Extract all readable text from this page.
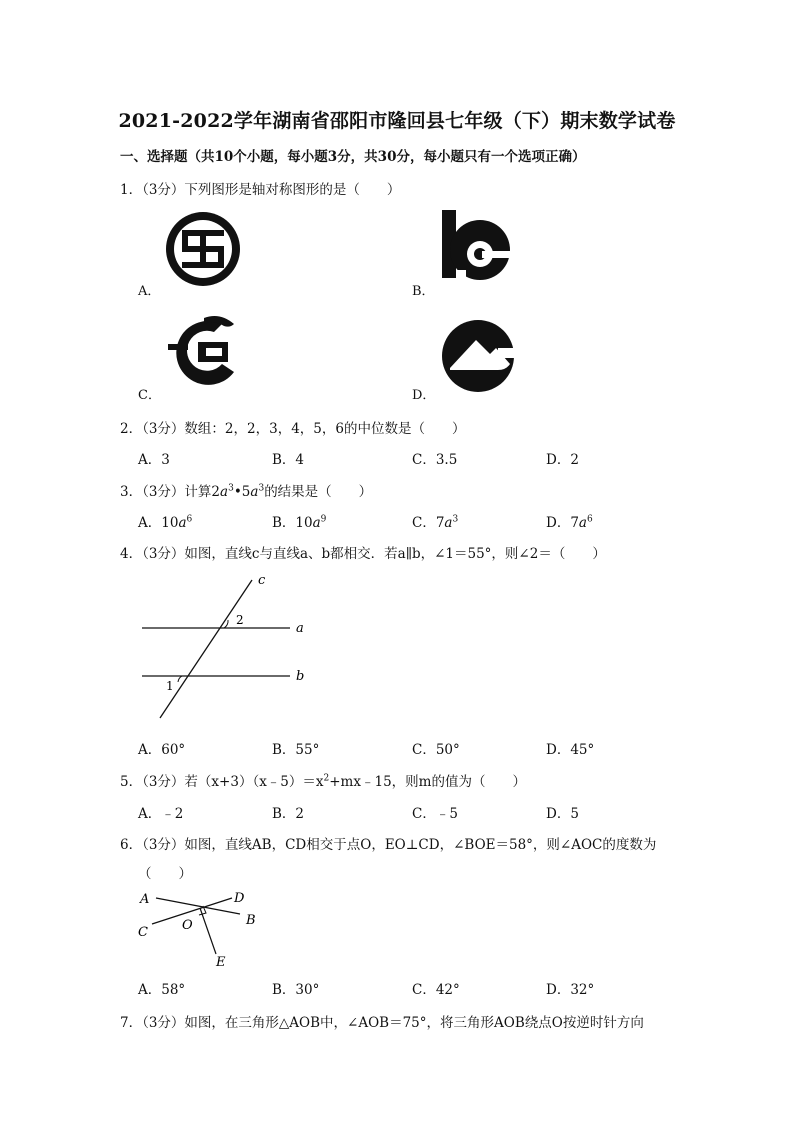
2021-2022学年湖南省邵阳市隆回县七年级（下）期末数学试卷
一、选择题（共10个小题，每小题3分，共30分，每小题只有一个选项正确）
1．（3分）下列图形是轴对称图形的是（　　）
A．	B．
C．	D．
2．（3分）数组：2，2，3，4，5，6的中位数是（　　）
A．3	B．4	C．3.5	D．2
3．（3分）计算$2a^3•5a^3$的结果是（　　）
A．$10a^6$	B．$10a^9$	C．$7a^3$	D．$7a^6$
4．（3分）如图，直线c与直线a、b都相交．若a∥b，∠1＝55°，则∠2＝（　　）
c
a
b
2
1
A．60°	B．55°	C．50°	D．45°
5．（3分）若$(x+3)(x﹣5)=x^2+mx﹣15$，则m的值为（　　）
A．﹣2	B．2	C．﹣5	D．5
6．（3分）如图，直线AB，CD相交于点O，EO⊥CD，∠BOE＝58°，则∠AOC的度数为
（　　）
A	D
B
C	O
E
A．58°	B．30°	C．42°	D．32°
7．（3分）如图，在三角形△AOB中，∠AOB＝75°，将三角形AOB绕点O按逆时针方向
